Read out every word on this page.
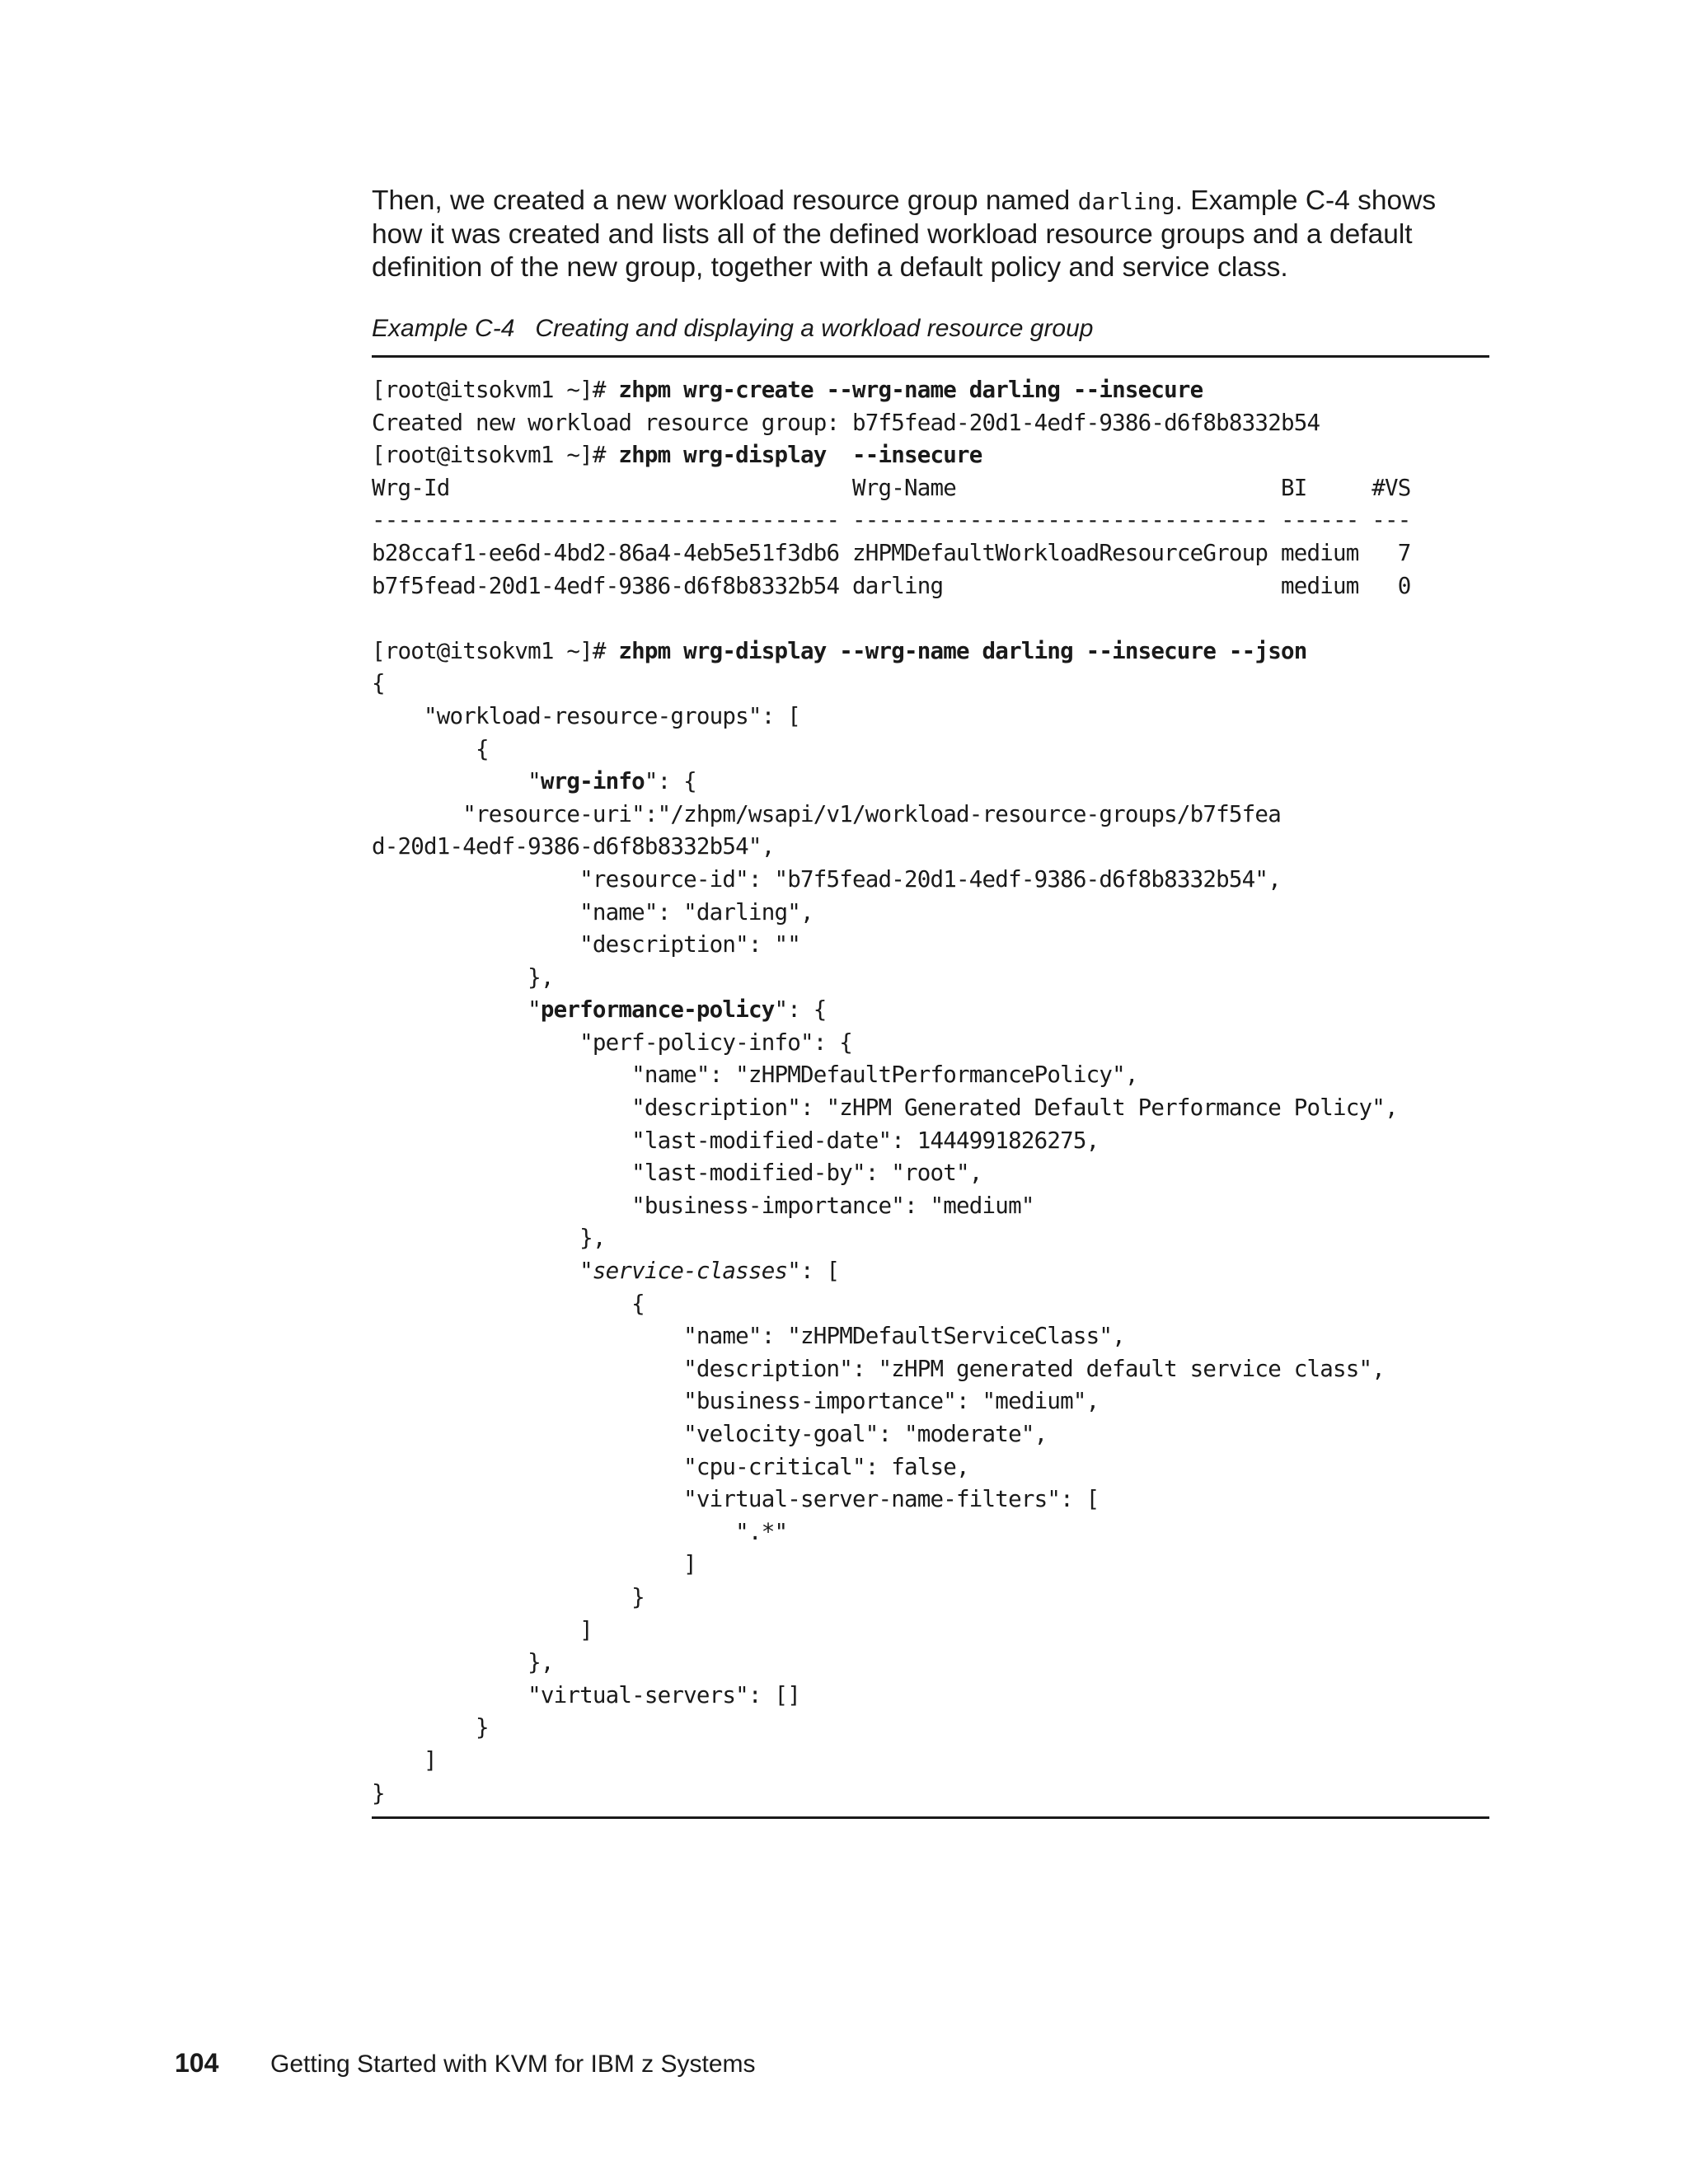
Then, we created a new workload resource group named darling. Example C-4 shows how it was created and lists all of the defined workload resource groups and a default definition of the new group, together with a default policy and service class.

Example C-4 Creating and displaying a workload resource group

[root@itsokvm1 ~]# zhpm wrg-create --wrg-name darling --insecure
Created new workload resource group: b7f5fead-20d1-4edf-9386-d6f8b8332b54
[root@itsokvm1 ~]# zhpm wrg-display  --insecure
Wrg-Id                               Wrg-Name                         BI     #VS
------------------------------------ -------------------------------- ------ ---
b28ccaf1-ee6d-4bd2-86a4-4eb5e51f3db6 zHPMDefaultWorkloadResourceGroup medium   7
b7f5fead-20d1-4edf-9386-d6f8b8332b54 darling                          medium   0
[root@itsokvm1 ~]# zhpm wrg-display --wrg-name darling --insecure --json
{
"workload-resource-groups": [
{
"wrg-info": {
"resource-uri":"/zhpm/wsapi/v1/workload-resource-groups/b7f5fea
d-20d1-4edf-9386-d6f8b8332b54",
"resource-id": "b7f5fead-20d1-4edf-9386-d6f8b8332b54",
"name": "darling",
"description": ""
},
"performance-policy": {
"perf-policy-info": {
"name": "zHPMDefaultPerformancePolicy",
"description": "zHPM Generated Default Performance Policy",
"last-modified-date": 1444991826275,
"last-modified-by": "root",
"business-importance": "medium"
},
"service-classes": [
{
"name": "zHPMDefaultServiceClass",
"description": "zHPM generated default service class",
"business-importance": "medium",
"velocity-goal": "moderate",
"cpu-critical": false,
"virtual-server-name-filters": [
".*"
]
}
]
},
"virtual-servers": []
}
]
}
104 Getting Started with KVM for IBM z Systems
